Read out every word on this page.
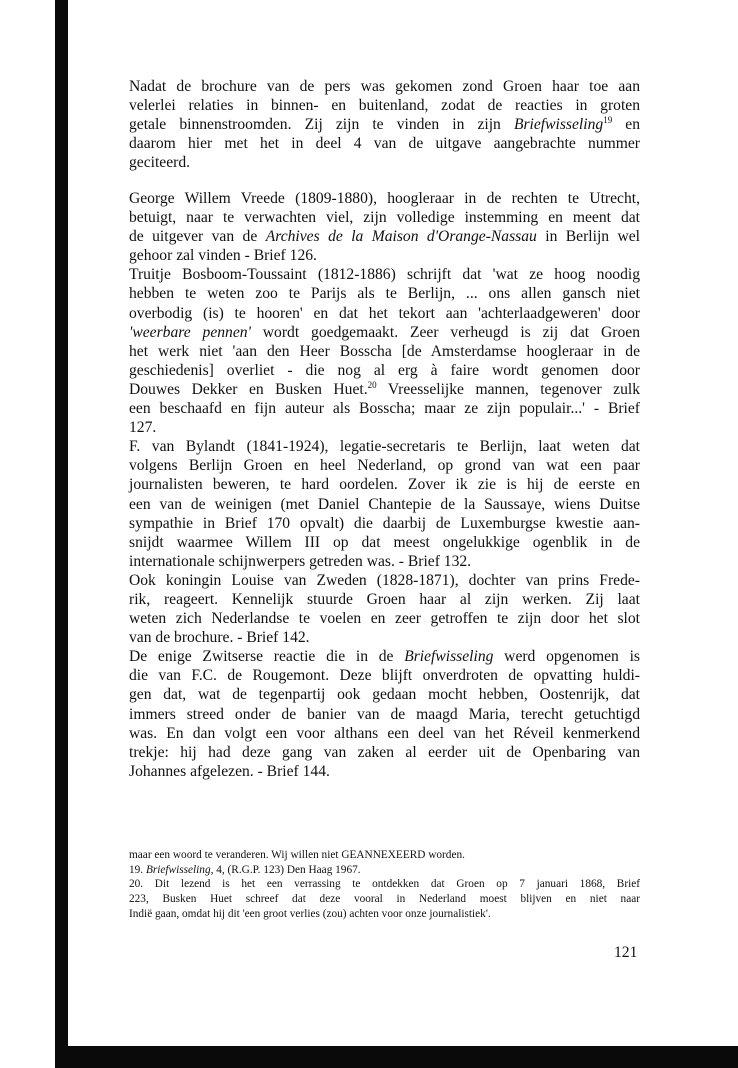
Nadat de brochure van de pers was gekomen zond Groen haar toe aan
velerlei relaties in binnen- en buitenland, zodat de reacties in groten
getale binnenstroomden. Zij zijn te vinden in zijn Briefwisseling$^{19}$ en
daarom hier met het in deel 4 van de uitgave aangebrachte nummer
geciteerd.
George Willem Vreede (1809-1880), hoogleraar in de rechten te Utrecht,
betuigt, naar te verwachten viel, zijn volledige instemming en meent dat
de uitgever van de Archives de la Maison d'Orange-Nassau in Berlijn wel
gehoor zal vinden - Brief 126.
Truitje Bosboom-Toussaint (1812-1886) schrijft dat 'wat ze hoog noodig
hebben te weten zoo te Parijs als te Berlijn, ... ons allen gansch niet
overbodig (is) te hooren' en dat het tekort aan 'achterlaadgeweren' door
'weerbare pennen' wordt goedgemaakt. Zeer verheugd is zij dat Groen
het werk niet 'aan den Heer Bosscha [de Amsterdamse hoogleraar in de
geschiedenis] overliet - die nog al erg à faire wordt genomen door
Douwes Dekker en Busken Huet.$^{20}$ Vreesselijke mannen, tegenover zulk
een beschaafd en fijn auteur als Bosscha; maar ze zijn populair...' - Brief
127.
F. van Bylandt (1841-1924), legatie-secretaris te Berlijn, laat weten dat
volgens Berlijn Groen en heel Nederland, op grond van wat een paar
journalisten beweren, te hard oordelen. Zover ik zie is hij de eerste en
een van de weinigen (met Daniel Chantepie de la Saussaye, wiens Duitse
sympathie in Brief 170 opvalt) die daarbij de Luxemburgse kwestie aan-
snijdt waarmee Willem III op dat meest ongelukkige ogenblik in de
internationale schijnwerpers getreden was. - Brief 132.
Ook koningin Louise van Zweden (1828-1871), dochter van prins Frede-
rik, reageert. Kennelijk stuurde Groen haar al zijn werken. Zij laat
weten zich Nederlandse te voelen en zeer getroffen te zijn door het slot
van de brochure. - Brief 142.
De enige Zwitserse reactie die in de Briefwisseling werd opgenomen is
die van F.C. de Rougemont. Deze blijft onverdroten de opvatting huldi-
gen dat, wat de tegenpartij ook gedaan mocht hebben, Oostenrijk, dat
immers streed onder de banier van de maagd Maria, terecht getuchtigd
was. En dan volgt een voor althans een deel van het Réveil kenmerkend
trekje: hij had deze gang van zaken al eerder uit de Openbaring van
Johannes afgelezen. - Brief 144.
maar een woord te veranderen. Wij willen niet GEANNEXEERD worden.
19. Briefwisseling, 4, (R.G.P. 123) Den Haag 1967.
20. Dit lezend is het een verrassing te ontdekken dat Groen op 7 januari 1868, Brief
223, Busken Huet schreef dat deze vooral in Nederland moest blijven en niet naar
Indië gaan, omdat hij dit 'een groot verlies (zou) achten voor onze journalistiek'.
121
